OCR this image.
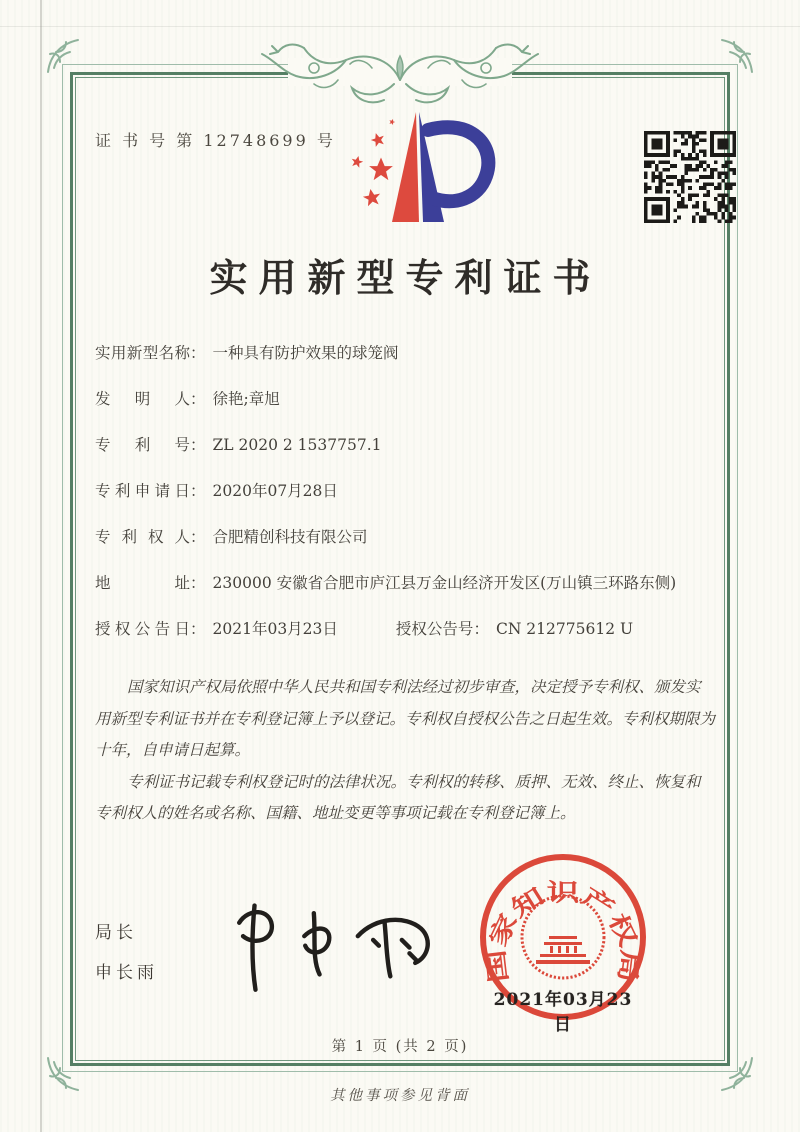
证 书 号 第 12748699 号
实用新型专利证书
实用新型名称 ： 一种具有防护效果的球笼阀
发明人 ： 徐艳;章旭
专利号 ： ZL 2020 2 1537757.1
专利申请日 ： 2020年07月28日
专利权人 ： 合肥精创科技有限公司
地址 ： 230000 安徽省合肥市庐江县万金山经济开发区(万山镇三环路东侧)
授权公告日 ： 2021年03月23日	授权公告号 ： CN 212775612 U

国家知识产权局依照中华人民共和国专利法经过初步审查，决定授予专利权、颁发实用新型专利证书并在专利登记簿上予以登记。专利权自授权公告之日起生效。专利权期限为十年，自申请日起算。

专利证书记载专利权登记时的法律状况。专利权的转移、质押、无效、终止、恢复和专利权人的姓名或名称、国籍、地址变更等事项记载在专利登记簿上。

局长
申长雨	国家知识产权局
2021年03月23日
第 1 页 (共 2 页)
其他事项参见背面
